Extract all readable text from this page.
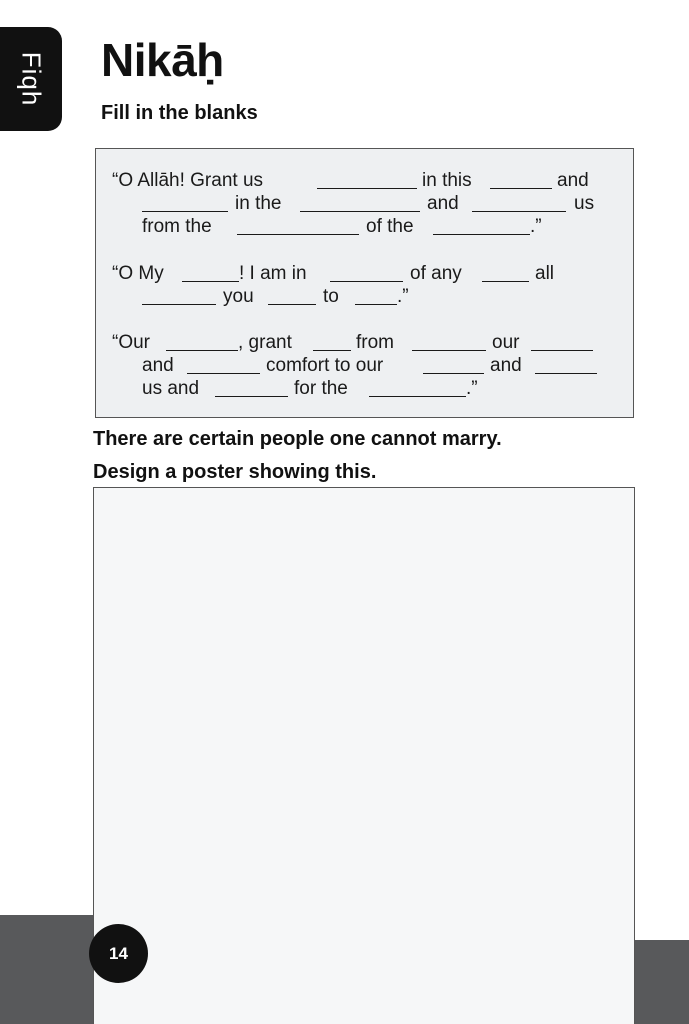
Fiqh Nikāḥ
Fill in the blanks
“O Allāh! Grant us	in this	and
in the	and	us
from the	of the	.”
“O My	! I am in	of any	all
you	to	.”
“Our	, grant	from	our
and	comfort to our	and
us and	for the	.”

There are certain people one cannot marry.

Design a poster showing this.

14
